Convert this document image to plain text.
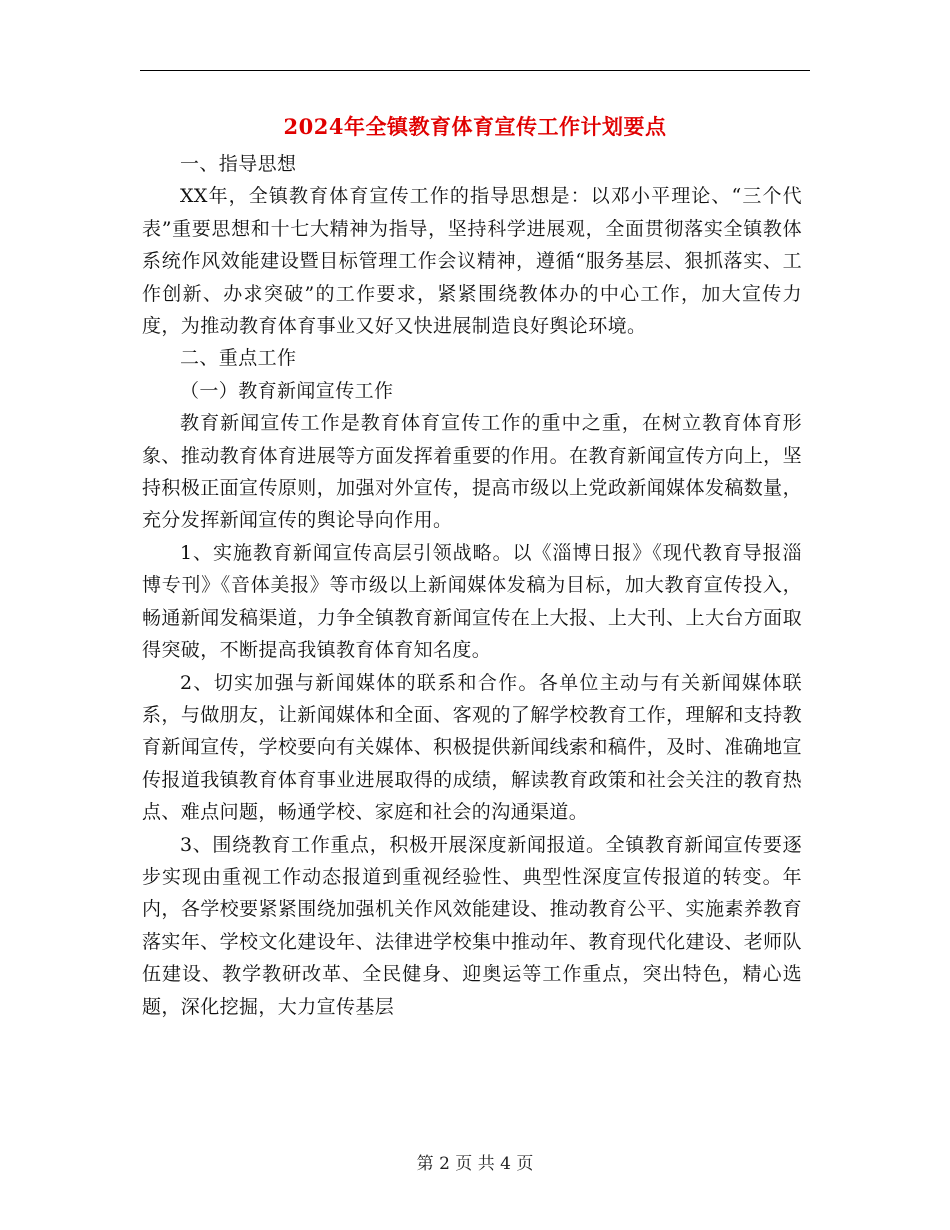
2024年全镇教育体育宣传工作计划要点

一、指导思想

XX年，全镇教育体育宣传工作的指导思想是：以邓小平理论、“三个代表”重要思想和十七大精神为指导，坚持科学进展观，全面贯彻落实全镇教体系统作风效能建设暨目标管理工作会议精神，遵循“服务基层、狠抓落实、工作创新、办求突破”的工作要求，紧紧围绕教体办的中心工作，加大宣传力度，为推动教育体育事业又好又快进展制造良好舆论环境。

二、重点工作

（一）教育新闻宣传工作

教育新闻宣传工作是教育体育宣传工作的重中之重，在树立教育体育形象、推动教育体育进展等方面发挥着重要的作用。在教育新闻宣传方向上，坚持积极正面宣传原则，加强对外宣传，提高市级以上党政新闻媒体发稿数量，充分发挥新闻宣传的舆论导向作用。

1、实施教育新闻宣传高层引领战略。以《淄博日报》《现代教育导报淄博专刊》《音体美报》等市级以上新闻媒体发稿为目标，加大教育宣传投入，畅通新闻发稿渠道，力争全镇教育新闻宣传在上大报、上大刊、上大台方面取得突破，不断提高我镇教育体育知名度。

2、切实加强与新闻媒体的联系和合作。各单位主动与有关新闻媒体联系，与做朋友，让新闻媒体和全面、客观的了解学校教育工作，理解和支持教育新闻宣传，学校要向有关媒体、积极提供新闻线索和稿件，及时、准确地宣传报道我镇教育体育事业进展取得的成绩，解读教育政策和社会关注的教育热点、难点问题，畅通学校、家庭和社会的沟通渠道。

3、围绕教育工作重点，积极开展深度新闻报道。全镇教育新闻宣传要逐步实现由重视工作动态报道到重视经验性、典型性深度宣传报道的转变。年内，各学校要紧紧围绕加强机关作风效能建设、推动教育公平、实施素养教育落实年、学校文化建设年、法律进学校集中推动年、教育现代化建设、老师队伍建设、教学教研改革、全民健身、迎奥运等工作重点，突出特色，精心选题，深化挖掘，大力宣传基层

第 2 页 共 4 页
